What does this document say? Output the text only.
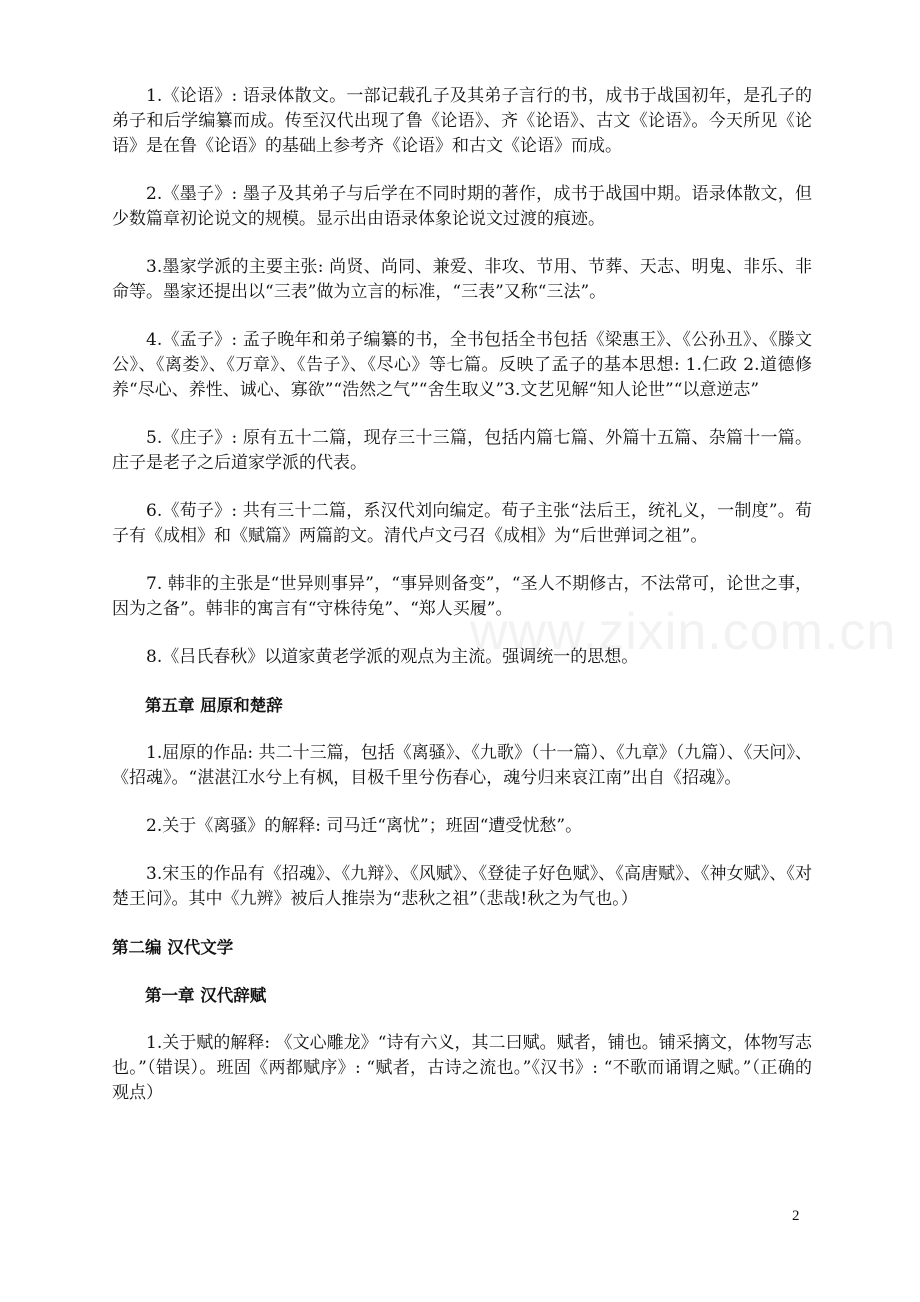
www.zixin.com.cn

1.《论语》: 语录体散文。一部记载孔子及其弟子言行的书，成书于战国初年，是孔子的弟子和后学编纂而成。传至汉代出现了鲁《论语》、齐《论语》、古文《论语》。今天所见《论语》是在鲁《论语》的基础上参考齐《论语》和古文《论语》而成。

2.《墨子》: 墨子及其弟子与后学在不同时期的著作，成书于战国中期。语录体散文，但少数篇章初论说文的规模。显示出由语录体象论说文过渡的痕迹。

3.墨家学派的主要主张: 尚贤、尚同、兼爱、非攻、节用、节葬、天志、明鬼、非乐、非命等。墨家还提出以“三表”做为立言的标准，“三表”又称“三法”。

4.《孟子》: 孟子晚年和弟子编纂的书，全书包括全书包括《梁惠王》、《公孙丑》、《滕文公》、《离娄》、《万章》、《告子》、《尽心》等七篇。反映了孟子的基本思想: 1.仁政 2.道德修养“尽心、养性、诚心、寡欲”“浩然之气”“舍生取义”3.文艺见解“知人论世”“以意逆志”

5.《庄子》: 原有五十二篇，现存三十三篇，包括内篇七篇、外篇十五篇、杂篇十一篇。庄子是老子之后道家学派的代表。

6.《荀子》: 共有三十二篇，系汉代刘向编定。荀子主张“法后王，统礼义，一制度”。荀子有《成相》和《赋篇》两篇韵文。清代卢文弓召《成相》为“后世弹词之祖”。

7. 韩非的主张是“世异则事异”，“事异则备变”，“圣人不期修古，不法常可，论世之事，因为之备”。韩非的寓言有“守株待兔”、“郑人买履”。

8.《吕氏春秋》以道家黄老学派的观点为主流。强调统一的思想。

第五章 屈原和楚辞

1.屈原的作品: 共二十三篇，包括《离骚》、《九歌》（十一篇）、《九章》（九篇）、《天问》、《招魂》。“湛湛江水兮上有枫，目极千里兮伤春心，魂兮归来哀江南”出自《招魂》。

2.关于《离骚》的解释: 司马迁“离忧”；班固“遭受忧愁”。

3.宋玉的作品有《招魂》、《九辩》、《风赋》、《登徒子好色赋》、《高唐赋》、《神女赋》、《对楚王问》。其中《九辨》被后人推崇为“悲秋之祖”（悲哉!秋之为气也。）

第二编 汉代文学
第一章 汉代辞赋

1.关于赋的解释: 《文心雕龙》“诗有六义，其二曰赋。赋者，铺也。铺采摛文，体物写志也。”（错误）。班固《两都赋序》: “赋者，古诗之流也。”《汉书》: “不歌而诵谓之赋。”（正确的观点）

2
